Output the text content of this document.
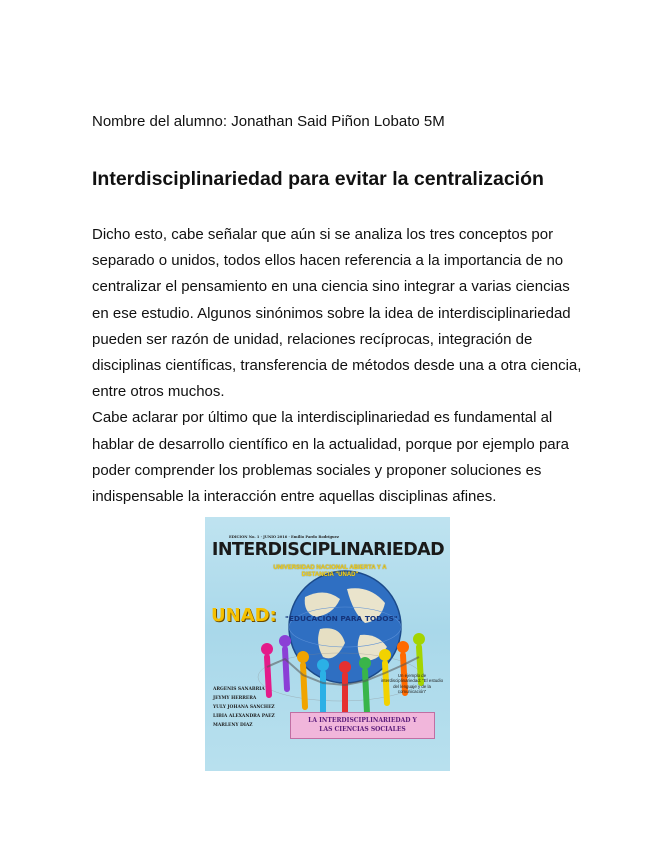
Nombre del alumno: Jonathan Said Piñon Lobato 5M
Interdisciplinariedad para evitar la centralización
Dicho esto, cabe señalar que aún si se analiza los tres conceptos por
separado o unidos, todos ellos hacen referencia a la importancia de no
centralizar el pensamiento en una ciencia sino integrar a varias ciencias
en ese estudio. Algunos sinónimos sobre la idea de interdisciplinariedad
pueden ser razón de unidad, relaciones recíprocas, integración de
disciplinas científicas, transferencia de métodos desde una a otra ciencia,
entre otros muchos.
Cabe aclarar por último que la interdisciplinariedad es fundamental al
hablar de desarrollo científico en la actualidad, porque por ejemplo para
poder comprender los problemas sociales y proponer soluciones es
indispensable la interacción entre aquellas disciplinas afines.
EDICION No. 1 · JUNIO 2016 · Emilio Pardo Rodríguez
INTERDISCIPLINARIEDAD
UNIVERSIDAD NACIONAL ABIERTA Y A
DISTANCIA "UNAD"
UNAD: "EDUCACIÓN PARA TODOS".
ARGENIS SANABRIA
JEYMY HERRERA
YULY JOHANA SANCHEZ
LIBIA ALEXANDRA PAEZ
MARLENY DIAZ
Un ejemplo de interdisciplinariedad: "El estudio del lenguaje y de la comunicación"
LA INTERDISCIPLINARIEDAD Y
LAS CIENCIAS SOCIALES
